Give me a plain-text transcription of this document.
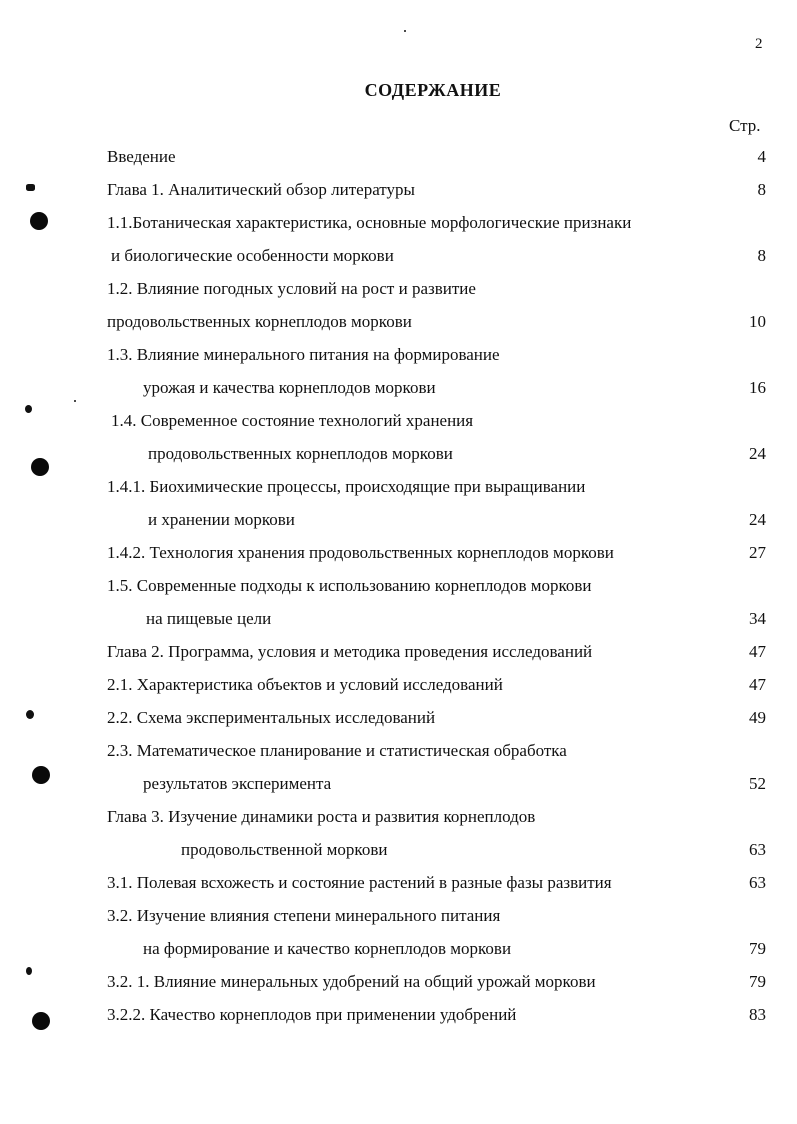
2
СОДЕРЖАНИЕ
Стр.
Введение	4
Глава 1. Аналитический обзор литературы	8
1.1.Ботаническая характеристика, основные морфологические признаки
и биологические особенности моркови	8
1.2. Влияние погодных условий на рост и развитие
продовольственных корнеплодов моркови	10
1.3. Влияние минерального питания на формирование
урожая и качества корнеплодов моркови	16
1.4. Современное состояние технологий хранения
продовольственных корнеплодов моркови	24
1.4.1. Биохимические процессы, происходящие при выращивании
и хранении моркови	24
1.4.2. Технология хранения продовольственных корнеплодов моркови	27
1.5. Современные подходы к использованию корнеплодов моркови
на пищевые цели	34
Глава 2. Программа, условия и методика проведения исследований	47
2.1. Характеристика объектов и условий исследований	47
2.2. Схема экспериментальных исследований	49
2.3. Математическое планирование и статистическая обработка
результатов эксперимента	52
Глава 3. Изучение динамики роста и развития корнеплодов
продовольственной моркови	63
3.1. Полевая всхожесть и состояние растений в разные фазы развития	63
3.2. Изучение влияния степени минерального питания
на формирование и качество корнеплодов моркови	79
3.2. 1. Влияние минеральных удобрений на общий урожай моркови	79
3.2.2. Качество корнеплодов при применении удобрений	83
